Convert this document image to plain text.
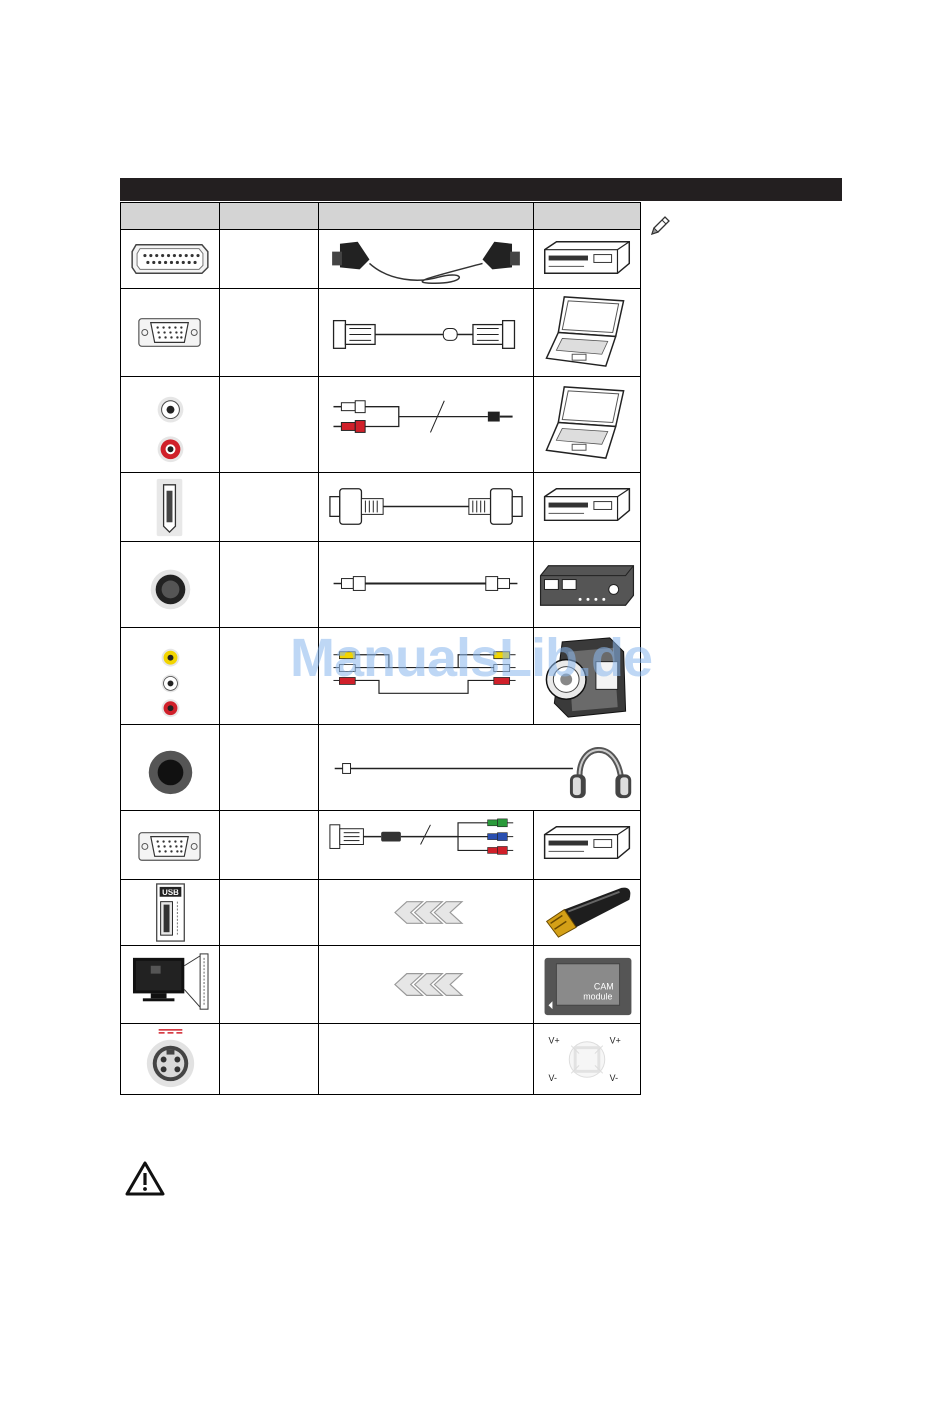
USB
CAM
module
V+	V+
V-	V-
ManualsLib.de
